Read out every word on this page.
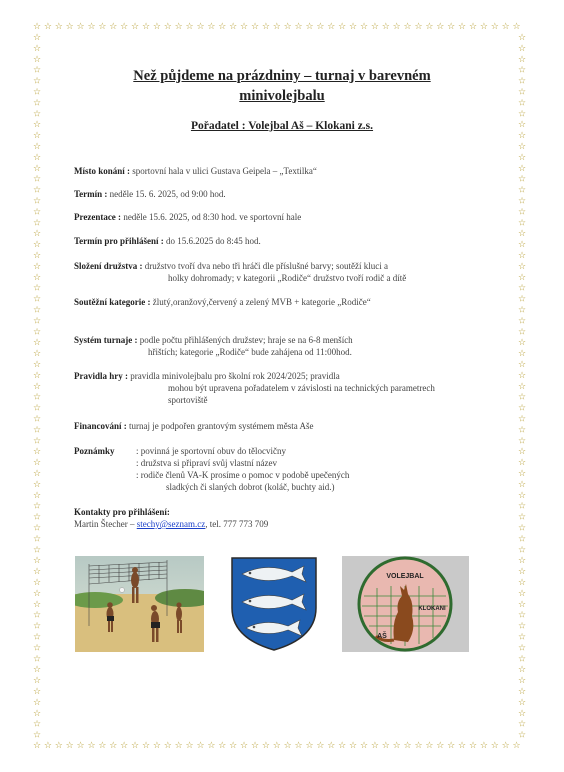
☆
☆
☆
☆
☆
☆
☆
☆
☆
☆
☆
☆
☆
☆
☆
☆
☆
☆
☆
☆
☆
☆
☆
☆
☆
☆
☆
☆
☆
☆
☆
☆
☆
☆
☆
☆
☆
☆
☆
☆
☆
☆
☆
☆
☆
☆
☆
☆
☆
☆
☆
☆
☆
☆
☆
☆
☆
☆
☆
☆
☆
☆
☆
☆
☆
☆
☆
☆
☆
☆
☆
☆
☆
☆
☆
☆
☆
☆
☆
☆
☆
☆
☆
☆
☆
☆
☆
☆
☆
☆
☆	☆
☆	☆
☆	☆
☆	☆
☆	☆
☆	☆
☆	☆
☆	☆
☆	☆
☆	☆
☆	☆
☆	☆
☆	☆
☆	☆
☆	☆
☆	☆
☆	☆
☆	☆
☆	☆
☆	☆
☆	☆
☆	☆
☆	☆
☆	☆
☆	☆
☆	☆
☆	☆
☆	☆
☆	☆
☆	☆
☆	☆
☆	☆
☆	☆
☆	☆
☆	☆
☆	☆
☆	☆
☆	☆
☆	☆
☆	☆
☆	☆
☆	☆
☆	☆
☆	☆
☆	☆
☆	☆
☆	☆
☆	☆
☆	☆
☆	☆
☆	☆
☆	☆
☆	☆
☆	☆
☆	☆
☆	☆
☆	☆
☆	☆
☆	☆
☆	☆
☆	☆
☆	☆
☆	☆
☆	☆
☆	☆
Než půjdeme na prázdniny – turnaj v barevném
minivolejbalu
Pořadatel : Volejbal Aš – Klokani z.s.
Místo konání : sportovní hala v ulici Gustava Geipela – „Textilka“
Termín : neděle 15. 6. 2025, od 9:00 hod.
Prezentace : neděle 15.6. 2025, od 8:30 hod. ve sportovní hale
Termín pro přihlášení : do 15.6.2025 do 8:45 hod.
Složení družstva : družstvo tvoří dva nebo tři hráči dle příslušné barvy; soutěží kluci a
holky dohromady; v kategorii „Rodiče“ družstvo tvoří rodič a dítě
Soutěžní kategorie : žlutý,oranžový,červený a zelený MVB + kategorie „Rodiče“
Systém turnaje : podle počtu přihlášených družstev; hraje se na 6-8 menších
hřištích; kategorie „Rodiče“ bude zahájena od 11:00hod.
Pravidla hry : pravidla minivolejbalu pro školní rok 2024/2025; pravidla
mohou být upravena pořadatelem v závislosti na technických parametrech
sportoviště
Financování : turnaj je podpořen grantovým systémem města Aše
Poznámky : povinná je sportovní obuv do tělocvičny
: družstva si připraví svůj vlastní název
: rodiče členů VA-K prosíme o pomoc v podobě upečených
sladkých či slaných dobrot (koláč, buchty aid.)
Kontakty pro přihlášení:
Martin Štecher – stechy@seznam.cz, tel. 777 773 709
VOLEJBAL
KLOKANI
AŠ
